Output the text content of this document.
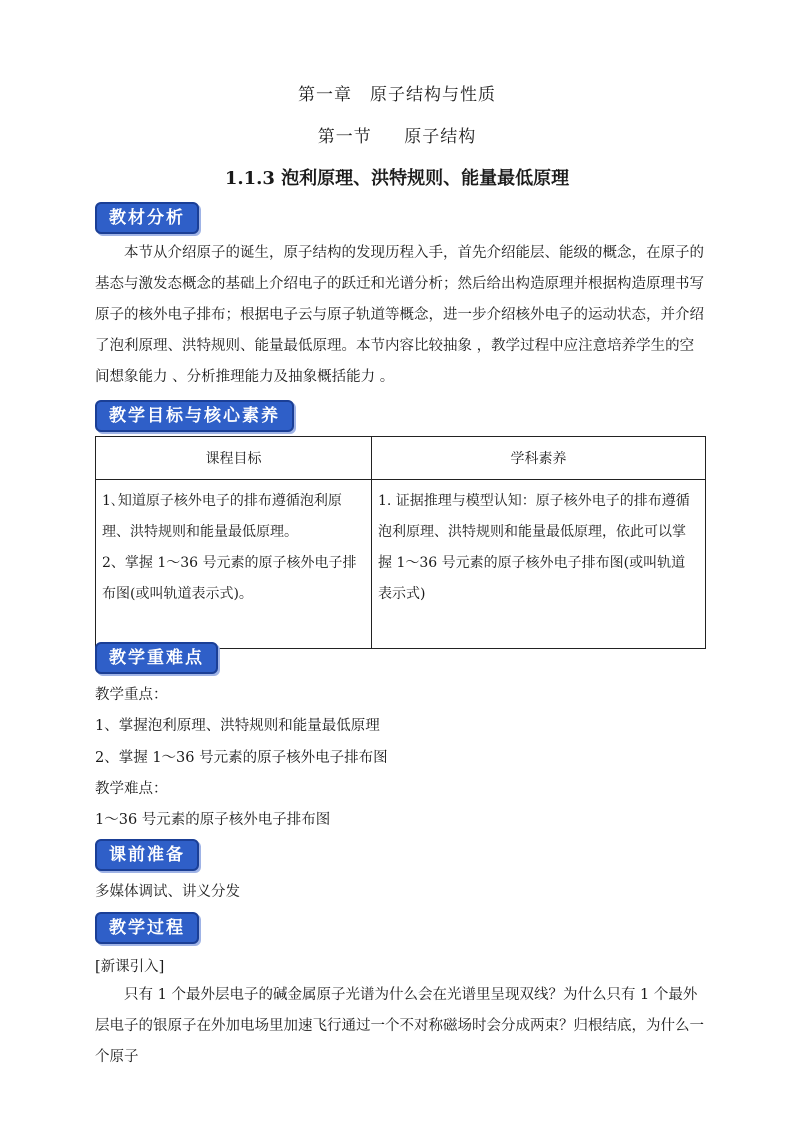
第一章　原子结构与性质
第一节　 原子结构
1.1.3 泡利原理、洪特规则、能量最低原理
教材分析
本节从介绍原子的诞生，原子结构的发现历程入手，首先介绍能层、能级的概念，在原子的基态与激发态概念的基础上介绍电子的跃迁和光谱分析；然后给出构造原理并根据构造原理书写原子的核外电子排布；根据电子云与原子轨道等概念，进一步介绍核外电子的运动状态，并介绍了泡利原理、洪特规则、能量最低原理。本节内容比较抽象 ，教学过程中应注意培养学生的空间想象能力 、分析推理能力及抽象概括能力 。
教学目标与核心素养
课程目标	学科素养

1､知道原子核外电子的排布遵循泡利原理、洪特规则和能量最低原理。
2、掌握 1～36 号元素的原子核外电子排布图(或叫轨道表示式)。	1. 证据推理与模型认知：原子核外电子的排布遵循泡利原理、洪特规则和能量最低原理，依此可以掌握 1～36 号元素的原子核外电子排布图(或叫轨道表示式)
教学重难点
教学重点：
1、掌握泡利原理、洪特规则和能量最低原理
2、掌握 1～36 号元素的原子核外电子排布图
教学难点：
1～36 号元素的原子核外电子排布图
课前准备
多媒体调试、讲义分发
教学过程
[新课引入]
只有 1 个最外层电子的碱金属原子光谱为什么会在光谱里呈现双线？为什么只有 1 个最外层电子的银原子在外加电场里加速飞行通过一个不对称磁场时会分成两束？归根结底，为什么一个原子
